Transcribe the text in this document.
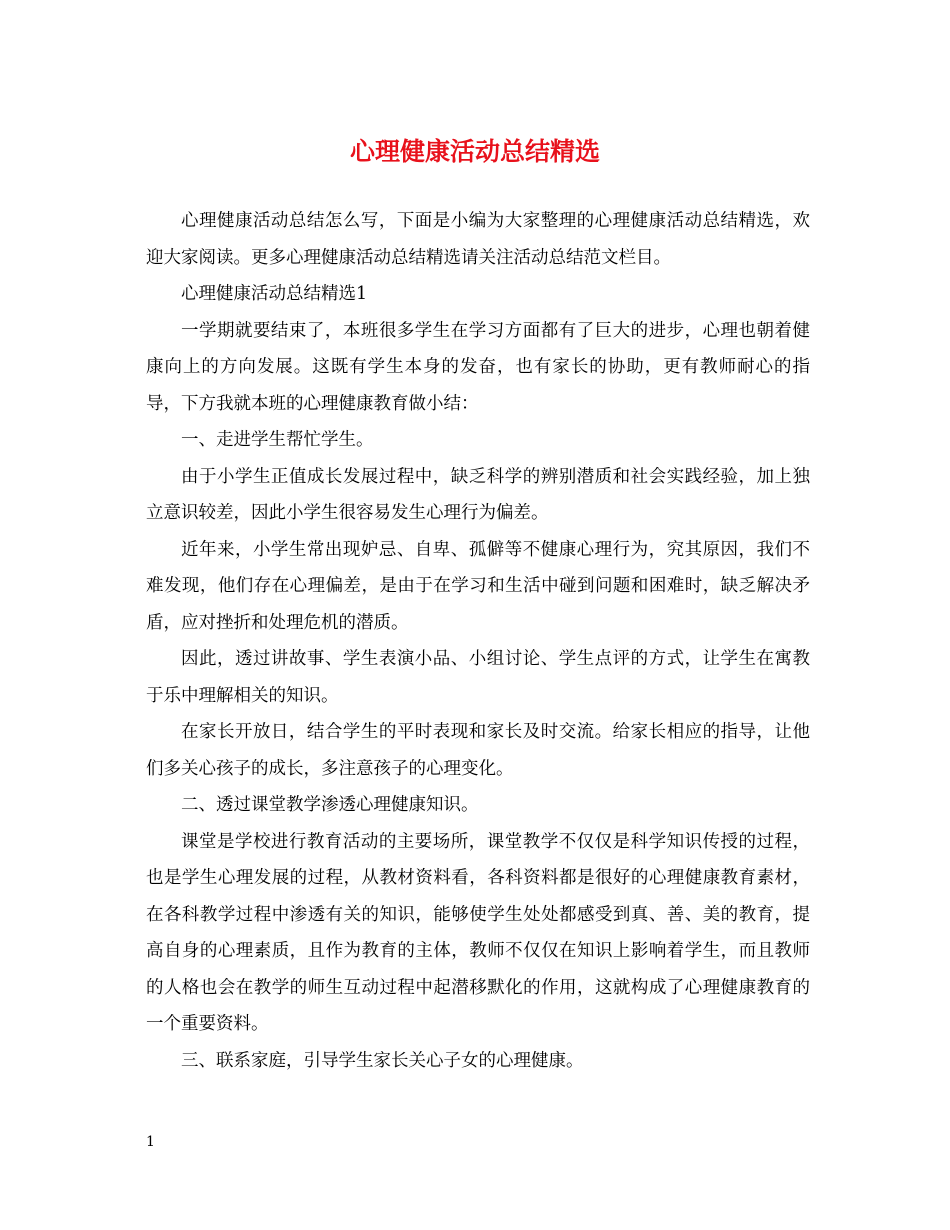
心理健康活动总结精选

心理健康活动总结怎么写，下面是小编为大家整理的心理健康活动总结精选，欢迎大家阅读。更多心理健康活动总结精选请关注活动总结范文栏目。

心理健康活动总结精选1

一学期就要结束了，本班很多学生在学习方面都有了巨大的进步，心理也朝着健康向上的方向发展。这既有学生本身的发奋，也有家长的协助，更有教师耐心的指导，下方我就本班的心理健康教育做小结：

一、走进学生帮忙学生。

由于小学生正值成长发展过程中，缺乏科学的辨别潜质和社会实践经验，加上独立意识较差，因此小学生很容易发生心理行为偏差。

近年来，小学生常出现妒忌、自卑、孤僻等不健康心理行为，究其原因，我们不难发现，他们存在心理偏差，是由于在学习和生活中碰到问题和困难时，缺乏解决矛盾，应对挫折和处理危机的潜质。

因此，透过讲故事、学生表演小品、小组讨论、学生点评的方式，让学生在寓教于乐中理解相关的知识。

在家长开放日，结合学生的平时表现和家长及时交流。给家长相应的指导，让他们多关心孩子的成长，多注意孩子的心理变化。

二、透过课堂教学渗透心理健康知识。

课堂是学校进行教育活动的主要场所，课堂教学不仅仅是科学知识传授的过程，也是学生心理发展的过程，从教材资料看，各科资料都是很好的心理健康教育素材，在各科教学过程中渗透有关的知识，能够使学生处处都感受到真、善、美的教育，提高自身的心理素质，且作为教育的主体，教师不仅仅在知识上影响着学生，而且教师的人格也会在教学的师生互动过程中起潜移默化的作用，这就构成了心理健康教育的一个重要资料。

三、联系家庭，引导学生家长关心子女的心理健康。

1
